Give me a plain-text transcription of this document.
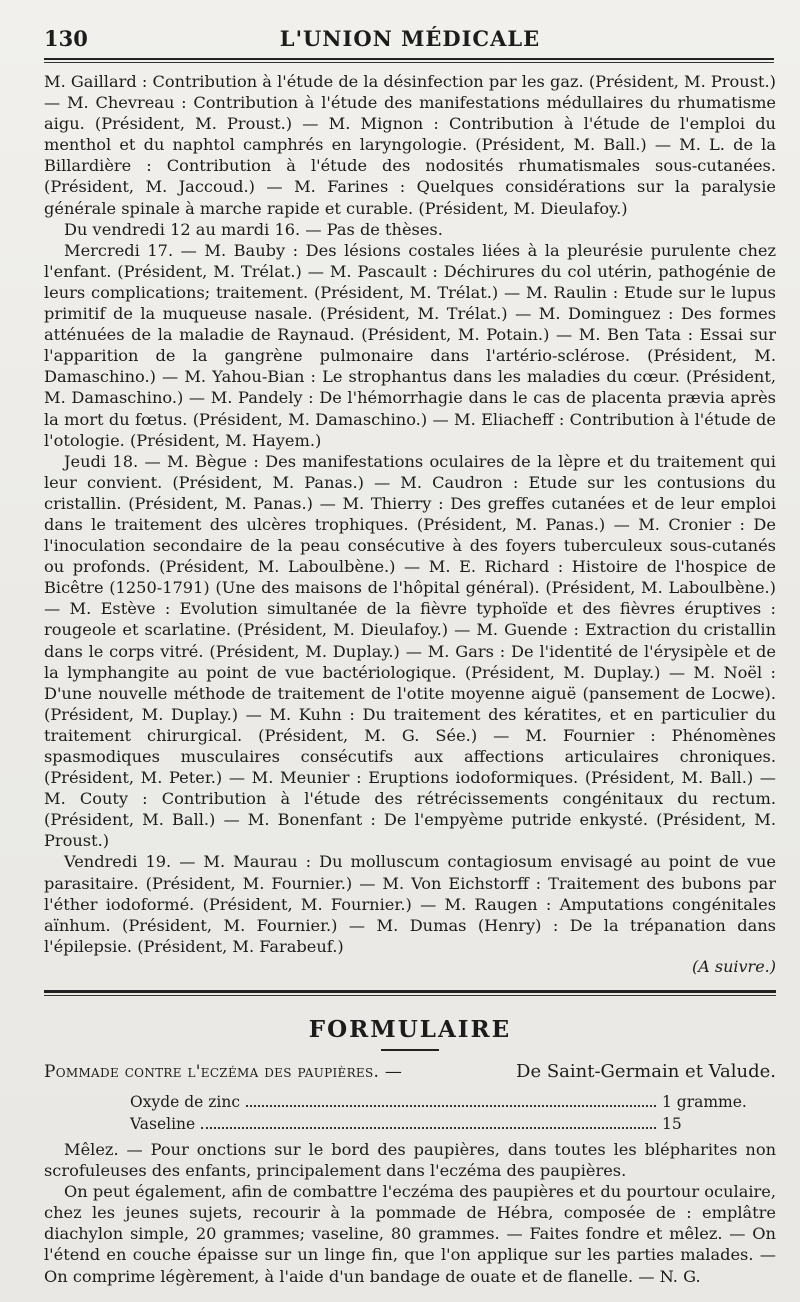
130	L'UNION MÉDICALE

M. Gaillard : Contribution à l'étude de la désinfection par les gaz. (Président, M. Proust.) — M. Chevreau : Contribution à l'étude des manifestations médullaires du rhumatisme aigu. (Président, M. Proust.) — M. Mignon : Contribution à l'étude de l'emploi du menthol et du naphtol camphrés en laryngologie. (Président, M. Ball.) — M. L. de la Billardière : Contribution à l'étude des nodosités rhumatismales sous-cutanées. (Président, M. Jaccoud.) — M. Farines : Quelques considérations sur la paralysie générale spinale à marche rapide et curable. (Président, M. Dieulafoy.)

Du vendredi 12 au mardi 16. — Pas de thèses.

Mercredi 17. — M. Bauby : Des lésions costales liées à la pleurésie purulente chez l'enfant. (Président, M. Trélat.) — M. Pascault : Déchirures du col utérin, pathogénie de leurs complications; traitement. (Président, M. Trélat.) — M. Raulin : Etude sur le lupus primitif de la muqueuse nasale. (Président, M. Trélat.) — M. Dominguez : Des formes atténuées de la maladie de Raynaud. (Président, M. Potain.) — M. Ben Tata : Essai sur l'apparition de la gangrène pulmonaire dans l'artério-sclérose. (Président, M. Damaschino.) — M. Yahou-Bian : Le strophantus dans les maladies du cœur. (Président, M. Damaschino.) — M. Pandely : De l'hémorrhagie dans le cas de placenta prævia après la mort du fœtus. (Président, M. Damaschino.) — M. Eliacheff : Contribution à l'étude de l'otologie. (Président, M. Hayem.)

Jeudi 18. — M. Bègue : Des manifestations oculaires de la lèpre et du traitement qui leur convient. (Président, M. Panas.) — M. Caudron : Etude sur les contusions du cristallin. (Président, M. Panas.) — M. Thierry : Des greffes cutanées et de leur emploi dans le traitement des ulcères trophiques. (Président, M. Panas.) — M. Cronier : De l'inoculation secondaire de la peau consécutive à des foyers tuberculeux sous-cutanés ou profonds. (Président, M. Laboulbène.) — M. E. Richard : Histoire de l'hospice de Bicêtre (1250-1791) (Une des maisons de l'hôpital général). (Président, M. Laboulbène.) — M. Estève : Evolution simultanée de la fièvre typhoïde et des fièvres éruptives : rougeole et scarlatine. (Président, M. Dieulafoy.) — M. Guende : Extraction du cristallin dans le corps vitré. (Président, M. Duplay.) — M. Gars : De l'identité de l'érysipèle et de la lymphangite au point de vue bactériologique. (Président, M. Duplay.) — M. Noël : D'une nouvelle méthode de traitement de l'otite moyenne aiguë (pansement de Locwe). (Président, M. Duplay.) — M. Kuhn : Du traitement des kératites, et en particulier du traitement chirurgical. (Président, M. G. Sée.) — M. Fournier : Phénomènes spasmodiques musculaires consécutifs aux affections articulaires chroniques. (Président, M. Peter.) — M. Meunier : Eruptions iodoformiques. (Président, M. Ball.) — M. Couty : Contribution à l'étude des rétrécissements congénitaux du rectum. (Président, M. Ball.) — M. Bonenfant : De l'empyème putride enkysté. (Président, M. Proust.)

Vendredi 19. — M. Maurau : Du molluscum contagiosum envisagé au point de vue parasitaire. (Président, M. Fournier.) — M. Von Eichstorff : Traitement des bubons par l'éther iodoformé. (Président, M. Fournier.) — M. Raugen : Amputations congénitales aïnhum. (Président, M. Fournier.) — M. Dumas (Henry) : De la trépanation dans l'épilepsie. (Président, M. Farabeuf.)

(A suivre.)
FORMULAIRE
Pommade contre l'eczéma des paupières. —	De Saint-Germain et Valude.
Oxyde de zinc	1 gramme.
Vaseline	15

Mêlez. — Pour onctions sur le bord des paupières, dans toutes les blépharites non scrofuleuses des enfants, principalement dans l'eczéma des paupières.

On peut également, afin de combattre l'eczéma des paupières et du pourtour oculaire, chez les jeunes sujets, recourir à la pommade de Hébra, composée de : emplâtre diachylon simple, 20 grammes; vaseline, 80 grammes. — Faites fondre et mêlez. — On l'étend en couche épaisse sur un linge fin, que l'on applique sur les parties malades. — On comprime légèrement, à l'aide d'un bandage de ouate et de flanelle. — N. G.
